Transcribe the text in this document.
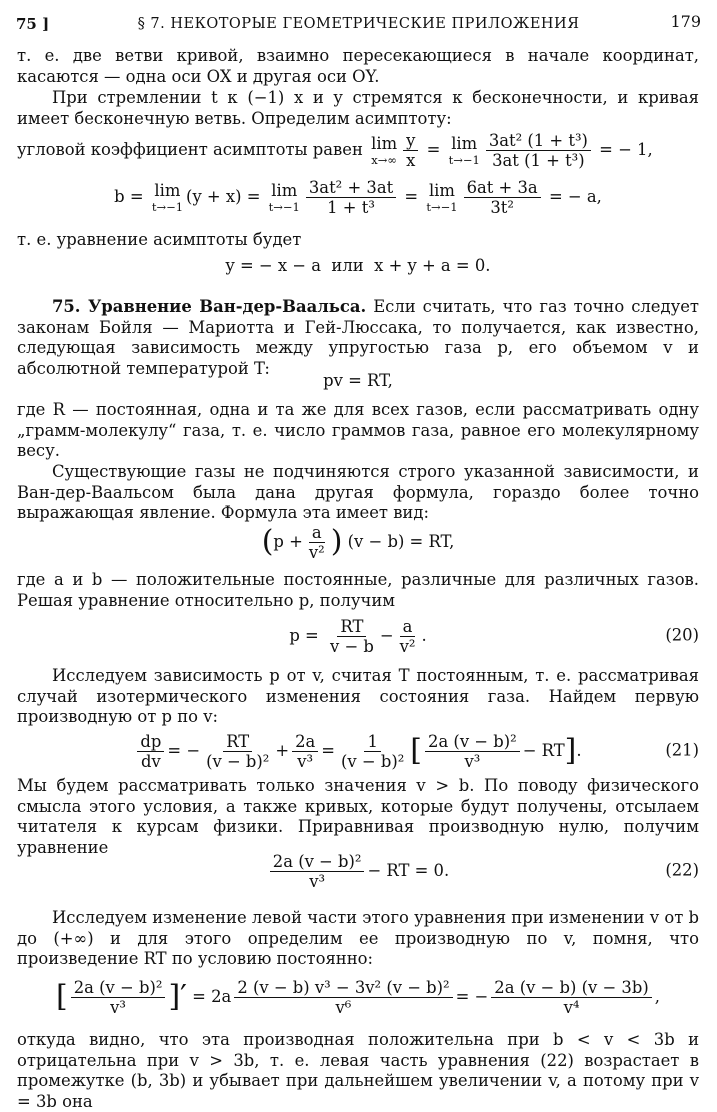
75 ]	§ 7. НЕКОТОРЫЕ ГЕОМЕТРИЧЕСКИЕ ПРИЛОЖЕНИЯ	179
т. е. две ветви кривой, взаимно пересекающиеся в начале координат, касаются — одна оси OX и другая оси OY.
При стремлении t к (−1) x и y стремятся к бесконечности, и кривая имеет бесконечную ветвь. Определим асимптоту:
угловой коэффициент асимптоты равен
lim
$x\to\infty \frac{y}{x} = \lim$
$t\to-1 \frac{\text{3at² (1 + t³)}}{\text{3at (1 + t³)}}$
= − 1,
b =
lim
t→−1
(y + x) =
lim
$t\to-1 \frac{\text{3at² + 3at}}{\text{1 + t³}} = \lim$
$t\to-1 \frac{6at + 3a}{\text{3t²}}$
= − a,
т. е. уравнение асимптоты будет
y = − x − a  или  x + y + a = 0.
75. Уравнение Ван-дер-Ваальса. Если считать, что газ точно следует законам Бойля — Мариотта и Гей-Люссака, то получается, как известно, следующая зависимость между упругостью газа p, его объемом v и абсолютной температурой T:
pv = RT,
где R — постоянная, одна и та же для всех газов, если рассматривать одну „грамм-молекулу“ газа, т. е. число граммов газа, равное его молекулярному весу.
Существующие газы не подчиняются строго указанной зависимости, и Ван-дер-Ваальсом была дана другая формула, гораздо более точно выражающая явление. Формула эта имеет вид:
( $p + \frac{a}{\text{v²}}$ )
(v − b) = RT,
где a и b — положительные постоянные, различные для различных газов. Решая уравнение относительно p, получим
p =
$\frac{RT}{v - b} - \frac{a}{\text{v²}}$ .	(20)
Исследуем зависимость p от v, считая T постоянным, т. е. рассматривая случай изотермического изменения состояния газа. Найдем первую производную от p по v:
$\frac{dp}{dv}$ = − $\frac{RT}{\text{(v − b)²}} + \frac{2a}{\text{v³}} = \frac{1}{\text{(v − b)²}}$ [ $\frac{\text{2a (v − b)²}}{\text{v³}}$ − RT ] .	(21)
Мы будем рассматривать только значения v > b. По поводу физического смысла этого условия, а также кривых, которые будут получены, отсылаем читателя к курсам физики. Приравнивая производную нулю, получим уравнение
$\frac{\text{2a (v − b)²}}{\text{v³}}$ − RT = 0.	(22)
Исследуем изменение левой части этого уравнения при изменении v от b до (+∞) и для этого определим ее производную по v, помня, что произведение RT по условию постоянно:
[ $\frac{\text{2a (v − b)²}}{\text{v³}}$ ]′
= $2a \frac{\text{2 (v − b) v³ − 3v² (v − b)²}}{\text{v⁶}}$ = − $\frac{2a (v - b) (v - 3b)}{\text{v⁴}}$ ,
откуда видно, что эта производная положительна при b < v < 3b и отрицательна при v > 3b, т. е. левая часть уравнения (22) возрастает в промежутке (b, 3b) и убывает при дальнейшем увеличении v, а потому при v = 3b она
